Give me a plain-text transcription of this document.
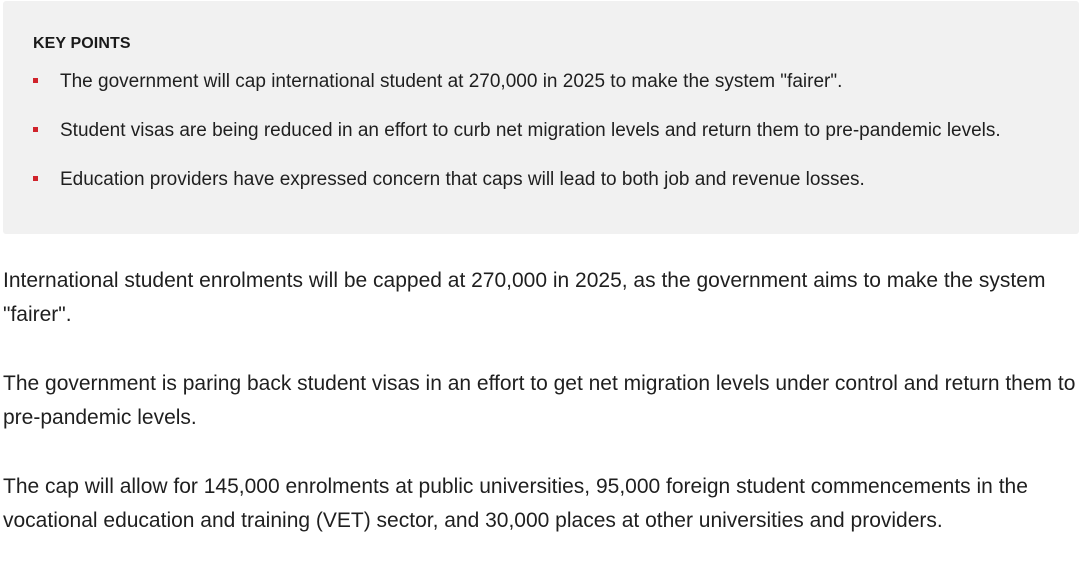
KEY POINTS
The government will cap international student at 270,000 in 2025 to make the system "fairer".
Student visas are being reduced in an effort to curb net migration levels and return them to pre-pandemic levels.
Education providers have expressed concern that caps will lead to both job and revenue losses.

International student enrolments will be capped at 270,000 in 2025, as the government aims to make the system "fairer".

The government is paring back student visas in an effort to get net migration levels under control and return them to pre-pandemic levels.

The cap will allow for 145,000 enrolments at public universities, 95,000 foreign student commencements in the vocational education and training (VET) sector, and 30,000 places at other universities and providers.
